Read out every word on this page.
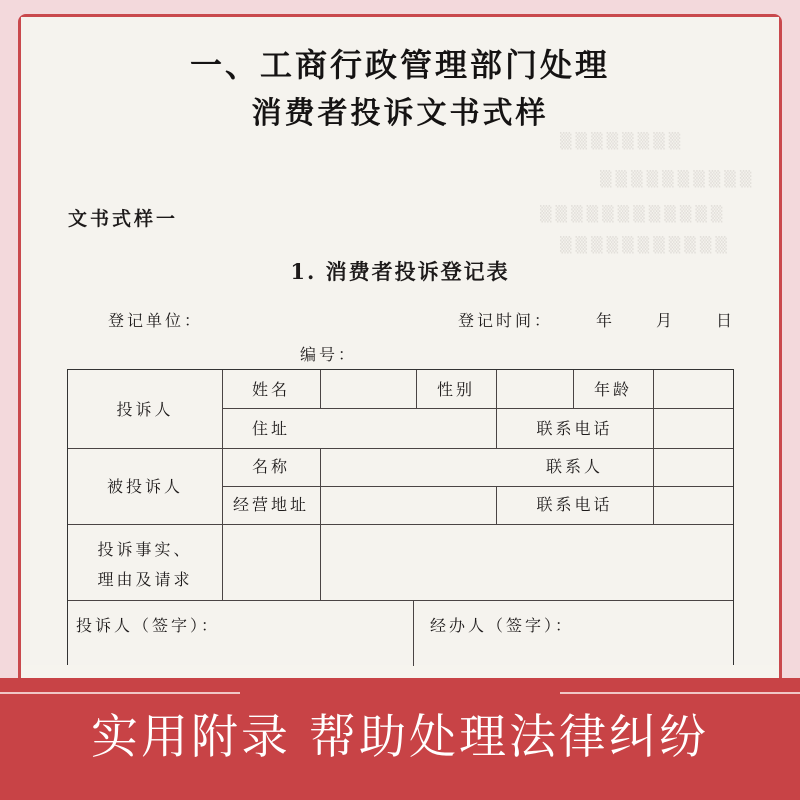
▒▒▒▒▒▒▒▒
▒▒▒▒▒▒▒▒▒▒
▒▒▒▒▒▒▒▒▒▒▒▒
▒▒▒▒▒▒▒▒▒▒▒
一、工商行政管理部门处理
消费者投诉文书式样
文书式样一
1. 消费者投诉登记表
登记单位：	登记时间：	年	月	日
编号：
投诉人
姓名	性别	年龄
住址	联系电话
被投诉人
名称	联系人
经营地址	联系电话
投诉事实、
理由及请求
投诉人（签字）：	经办人（签字）：
实用附录 帮助处理法律纠纷
